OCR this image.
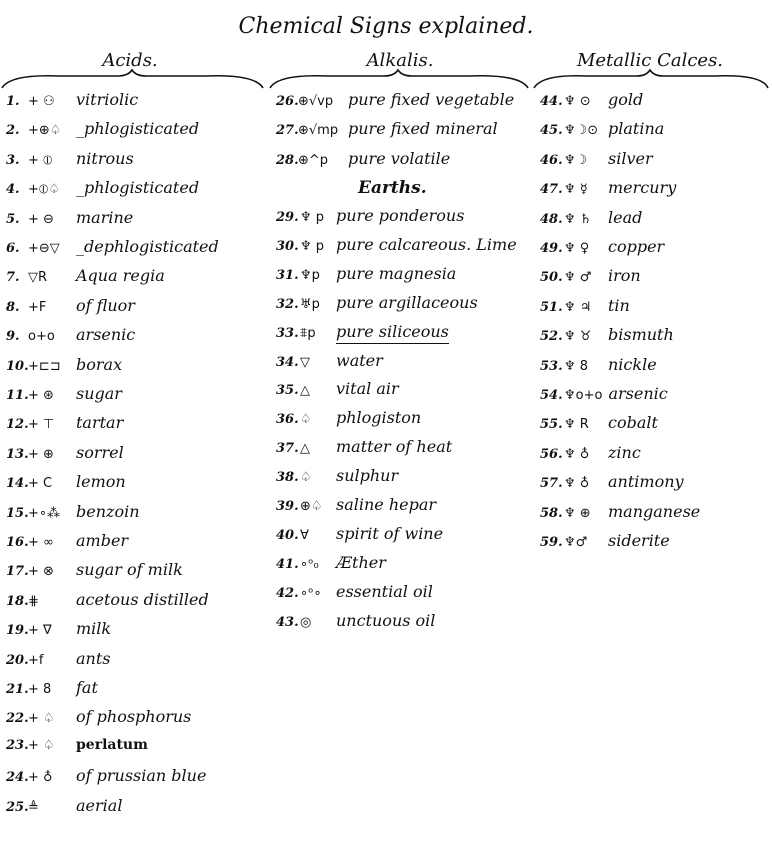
Chemical Signs explained.
Acids.	Alkalis.	Metallic Calces.
Earths.
1. + ⚇	vitriolic
2. +⊕♤ _phlogisticated
3. + ⦶	nitrous
4. +⦶♤	_phlogisticated
5. + ⊖	marine
6. +⊖▽	_dephlogisticated
7. ▽R	Aqua regia
8. +F	of fluor
9. o+o	arsenic
10. +⊏⊐ borax
11. + ⊛	sugar
12. + ⊤	tartar
13. + ⊕	sorrel
14. + C	lemon
15. +∘⁂ benzoin
16. + ∞	amber
17. + ⊗	sugar of milk
18. ⋕	acetous distilled
19. + ∇	milk
20. +f	ants
21. + 8	fat
22. + ♤	of phosphorus
23. + ♤	perlatum
24. + ♁	of prussian blue
25. ≜	aerial
26. ⊕√vp pure fixed vegetable
27. ⊕√mp pure fixed mineral
28. ⊕^p	pure volatile
29. ♆ p pure ponderous
30. ♆ p pure calcareous. Lime
31. ♆p	pure magnesia
32. ♅p	pure argillaceous
33. ⩨p	pure siliceous
34. ▽	water
35. △	vital air
36. ♤	phlogiston
37. △	matter of heat
38. ♤	sulphur
39. ⊕♤ saline hepar
40. ∀	spirit of wine
41. ∘ᵒ₀	Æther
42. ∘ᵒ∘ essential oil
43. ◎	unctuous oil
44. ♆ ⊙	gold
45. ♆☽⊙ platina
46. ♆☽	silver
47. ♆ ☿	mercury
48. ♆ ♄	lead
49. ♆ ♀	copper
50. ♆ ♂	iron
51. ♆ ♃	tin
52. ♆ ♉	bismuth
53. ♆ 8	nickle
54. ♆o+o arsenic
55. ♆ R	cobalt
56. ♆ ♁	zinc
57. ♆ ♁	antimony
58. ♆ ⊕	manganese
59. ♆♂	siderite
